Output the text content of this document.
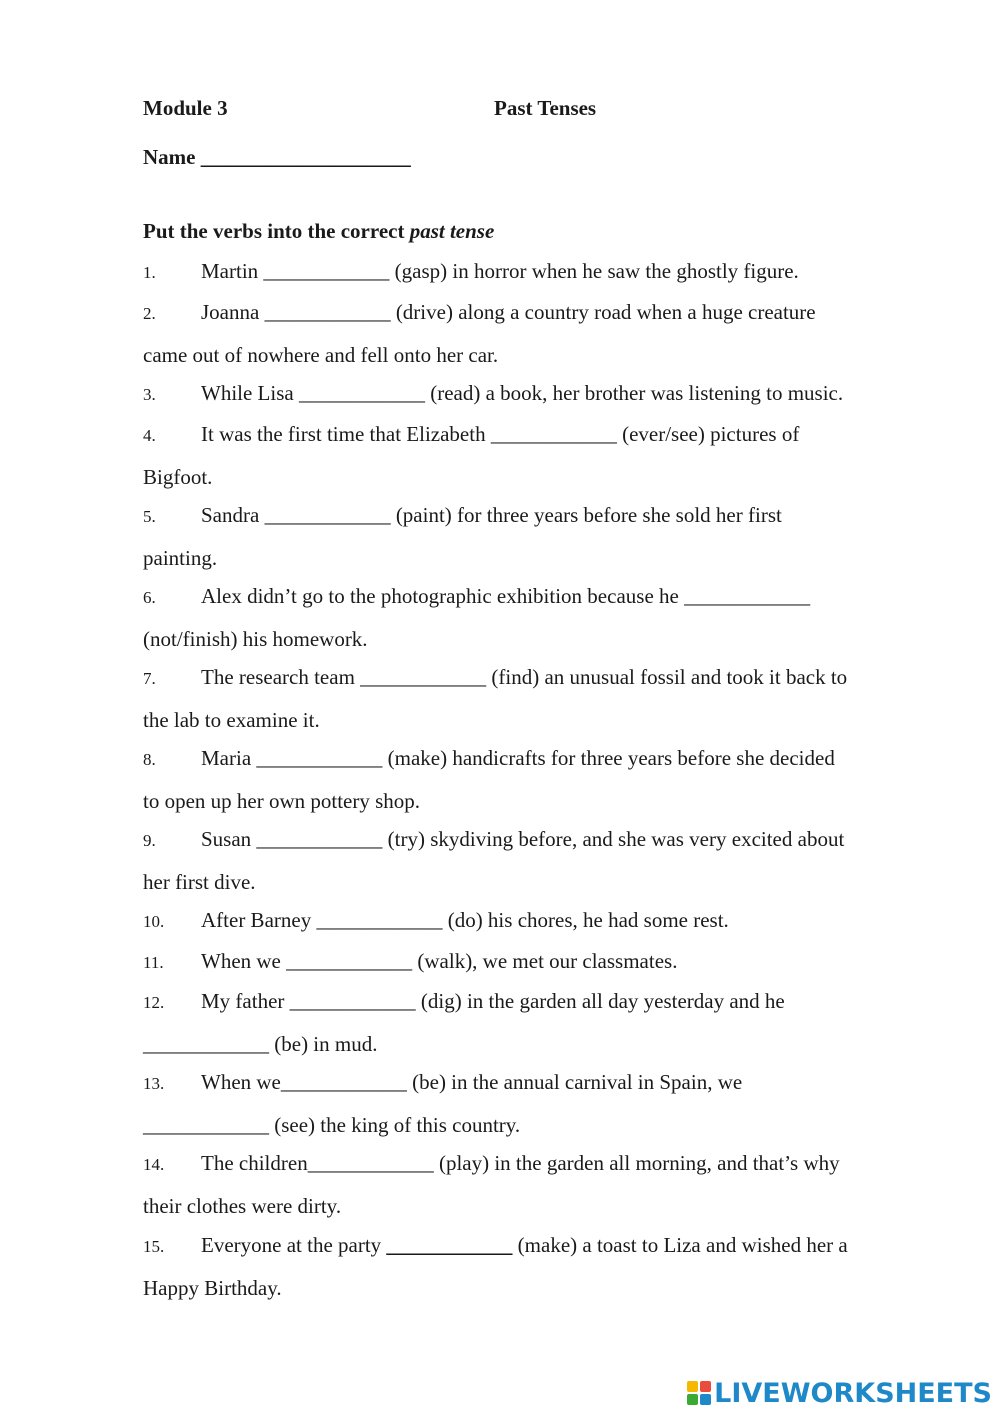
Module 3	Past Tenses
Name ____________________
Put the verbs into the correct past tense
1. Martin ____________ (gasp) in horror when he saw the ghostly figure.
2. Joanna ____________ (drive) along a country road when a huge creature
came out of nowhere and fell onto her car.
3. While Lisa ____________ (read) a book, her brother was listening to music.
4. It was the first time that Elizabeth ____________ (ever/see) pictures of
Bigfoot.
5. Sandra ____________ (paint) for three years before she sold her first
painting.
6. Alex didn’t go to the photographic exhibition because he ____________
(not/finish) his homework.
7. The research team ____________ (find) an unusual fossil and took it back to
the lab to examine it.
8. Maria ____________ (make) handicrafts for three years before she decided
to open up her own pottery shop.
9. Susan ____________ (try) skydiving before, and she was very excited about
her first dive.
10. After Barney ____________ (do) his chores, he had some rest.
11. When we ____________ (walk), we met our classmates.
12. My father ____________ (dig) in the garden all day yesterday and he
____________ (be) in mud.
13. When we____________ (be) in the annual carnival in Spain, we
____________ (see) the king of this country.
14. The children____________ (play) in the garden all morning, and that’s why
their clothes were dirty.
15. Everyone at the party ____________ (make) a toast to Liza and wished her a
Happy Birthday.
LIVEWORKSHEETS
